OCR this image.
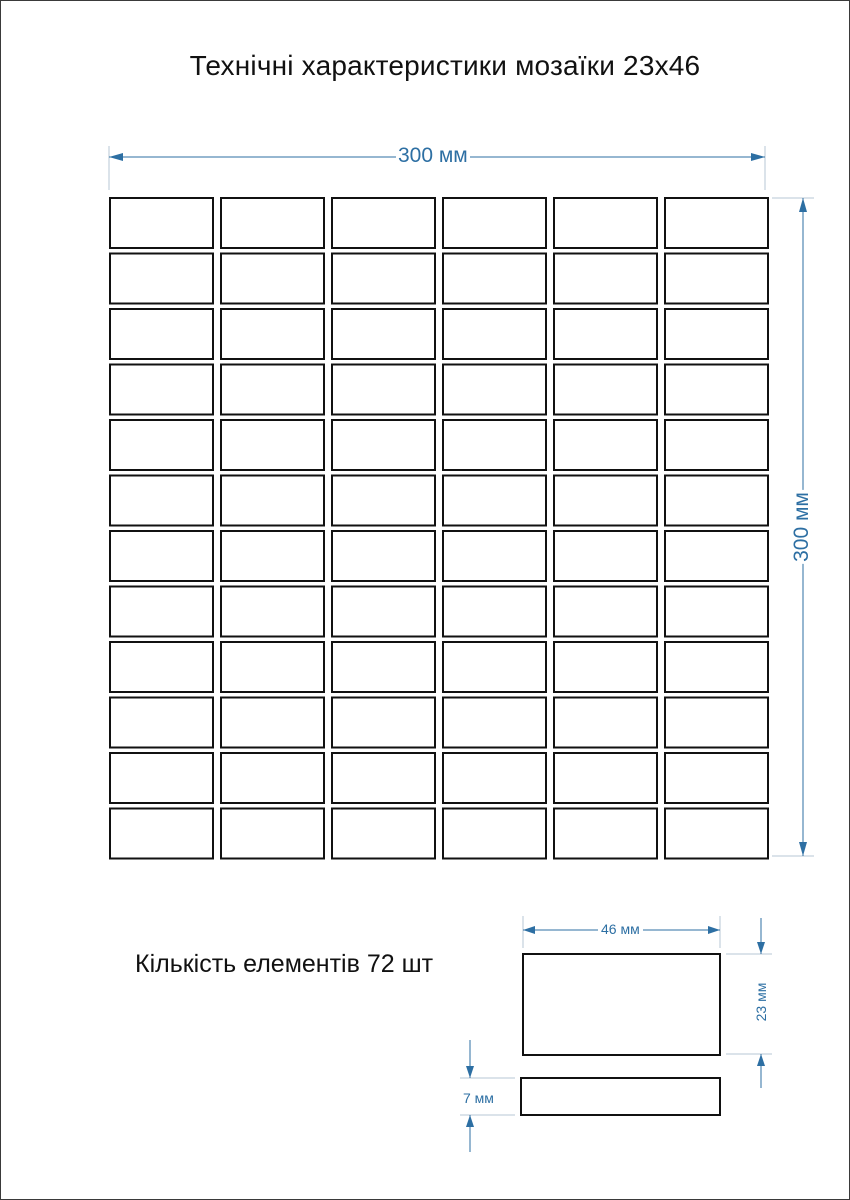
Технічні характеристики мозаїки 23х46
300 мм
300 мм
Кількість елементів 72 шт
46 мм
23 мм
7 мм
